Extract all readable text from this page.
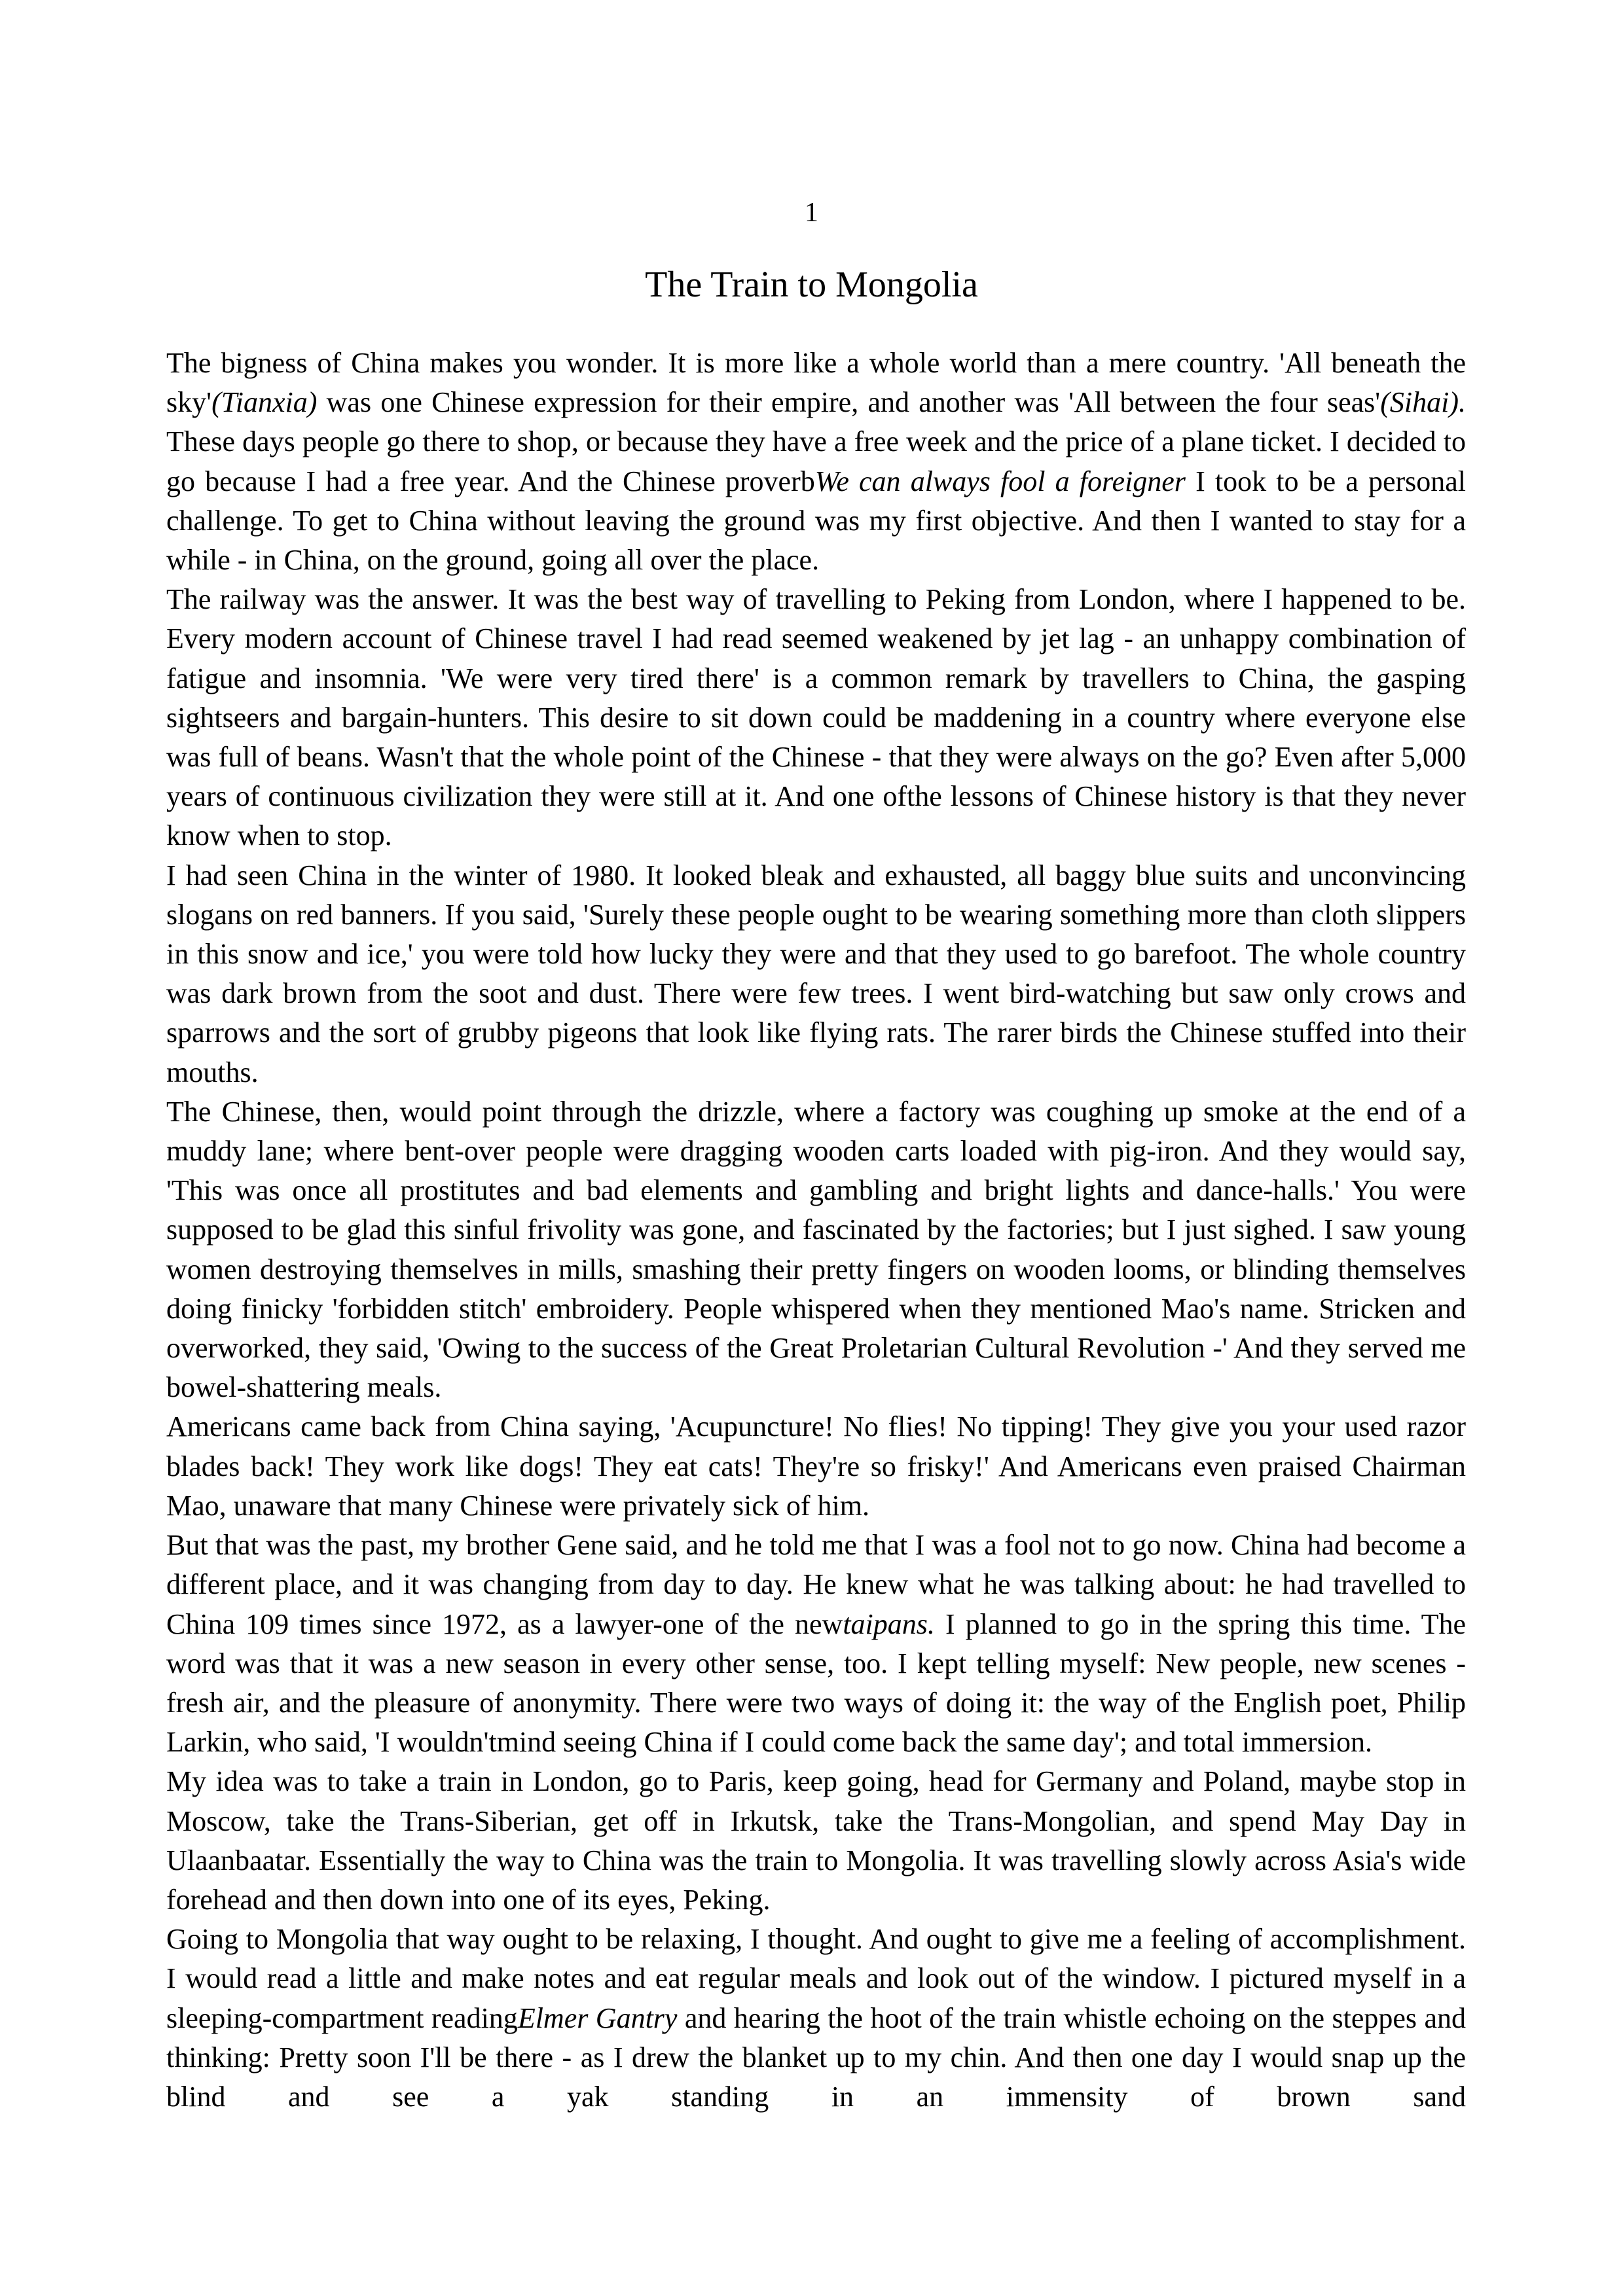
1

The Train to Mongolia

The bigness of China makes you wonder. It is more like a whole world than a mere country. 'All beneath the sky'(Tianxia) was one Chinese expression for their empire, and another was 'All between the four seas'(Sihai). These days people go there to shop, or because they have a free week and the price of a plane ticket. I decided to go because I had a free year. And the Chinese proverbWe can always fool a foreigner I took to be a personal challenge. To get to China without leaving the ground was my first objective. And then I wanted to stay for a while - in China, on the ground, going all over the place.

The railway was the answer. It was the best way of travelling to Peking from London, where I happened to be. Every modern account of Chinese travel I had read seemed weakened by jet lag - an unhappy combination of fatigue and insomnia. 'We were very tired there' is a common remark by travellers to China, the gasping sightseers and bargain-hunters. This desire to sit down could be maddening in a country where everyone else was full of beans. Wasn't that the whole point of the Chinese - that they were always on the go? Even after 5,000 years of continuous civilization they were still at it. And one ofthe lessons of Chinese history is that they never know when to stop.

I had seen China in the winter of 1980. It looked bleak and exhausted, all baggy blue suits and unconvincing slogans on red banners. If you said, 'Surely these people ought to be wearing something more than cloth slippers in this snow and ice,' you were told how lucky they were and that they used to go barefoot. The whole country was dark brown from the soot and dust. There were few trees. I went bird-watching but saw only crows and sparrows and the sort of grubby pigeons that look like flying rats. The rarer birds the Chinese stuffed into their mouths.

The Chinese, then, would point through the drizzle, where a factory was coughing up smoke at the end of a muddy lane; where bent-over people were dragging wooden carts loaded with pig-iron. And they would say, 'This was once all prostitutes and bad elements and gambling and bright lights and dance-halls.' You were supposed to be glad this sinful frivolity was gone, and fascinated by the factories; but I just sighed. I saw young women destroying themselves in mills, smashing their pretty fingers on wooden looms, or blinding themselves doing finicky 'forbidden stitch' embroidery. People whispered when they mentioned Mao's name. Stricken and overworked, they said, 'Owing to the success of the Great Proletarian Cultural Revolution -' And they served me bowel-shattering meals.

Americans came back from China saying, 'Acupuncture! No flies! No tipping! They give you your used razor blades back! They work like dogs! They eat cats! They're so frisky!' And Americans even praised Chairman Mao, unaware that many Chinese were privately sick of him.

But that was the past, my brother Gene said, and he told me that I was a fool not to go now. China had become a different place, and it was changing from day to day. He knew what he was talking about: he had travelled to China 109 times since 1972, as a lawyer-one of the newtaipans. I planned to go in the spring this time. The word was that it was a new season in every other sense, too. I kept telling myself: New people, new scenes - fresh air, and the pleasure of anonymity. There were two ways of doing it: the way of the English poet, Philip Larkin, who said, 'I wouldn'tmind seeing China if I could come back the same day'; and total immersion.

My idea was to take a train in London, go to Paris, keep going, head for Germany and Poland, maybe stop in Moscow, take the Trans-Siberian, get off in Irkutsk, take the Trans-Mongolian, and spend May Day in Ulaanbaatar. Essentially the way to China was the train to Mongolia. It was travelling slowly across Asia's wide forehead and then down into one of its eyes, Peking.

Going to Mongolia that way ought to be relaxing, I thought. And ought to give me a feeling of accomplishment. I would read a little and make notes and eat regular meals and look out of the window. I pictured myself in a sleeping-compartment readingElmer Gantry and hearing the hoot of the train whistle echoing on the steppes and thinking: Pretty soon I'll be there - as I drew the blanket up to my chin. And then one day I would snap up the blind and see a yak standing in an immensity of brown sand
